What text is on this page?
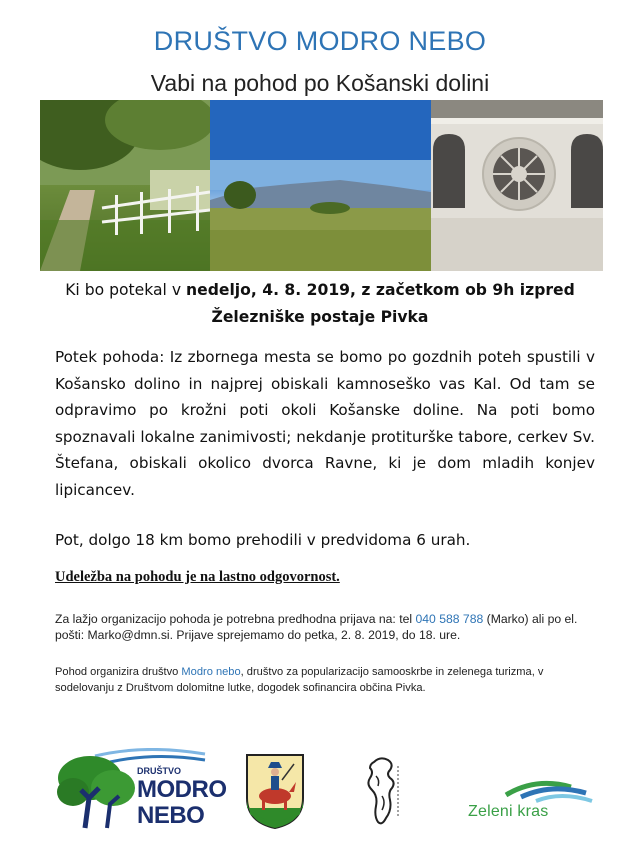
DRUŠTVO MODRO NEBO
Vabi na pohod po Košanski dolini
Ki bo potekal v nedeljo, 4. 8. 2019, z začetkom ob 9h izpred
Železniške postaje Pivka
Potek pohoda: Iz zbornega mesta se bomo po gozdnih poteh spustili v Košansko dolino in najprej obiskali kamnoseško vas Kal. Od tam se odpravimo po krožni poti okoli Košanske doline. Na poti bomo spoznavali lokalne zanimivosti; nekdanje protiturške tabore, cerkev Sv. Štefana, obiskali okolico dvorca Ravne, ki je dom mladih konjev lipicancev.
Pot, dolgo 18 km bomo prehodili v predvidoma 6 urah.
Udeležba na pohodu je na lastno odgovornost.
Za lažjo organizacijo pohoda je potrebna predhodna prijava na: tel 040 588 788 (Marko) ali po el. pošti: Marko@dmn.si. Prijave sprejemamo do petka, 2. 8. 2019, do 18. ure.
Pohod organizira društvo Modro nebo, društvo za popularizacijo samooskrbe in zelenega turizma, v sodelovanju z Društvom dolomitne lutke, dogodek sofinancira občina Pivka.
DRUŠTVO
MODRO
NEBO	Zeleni kras
